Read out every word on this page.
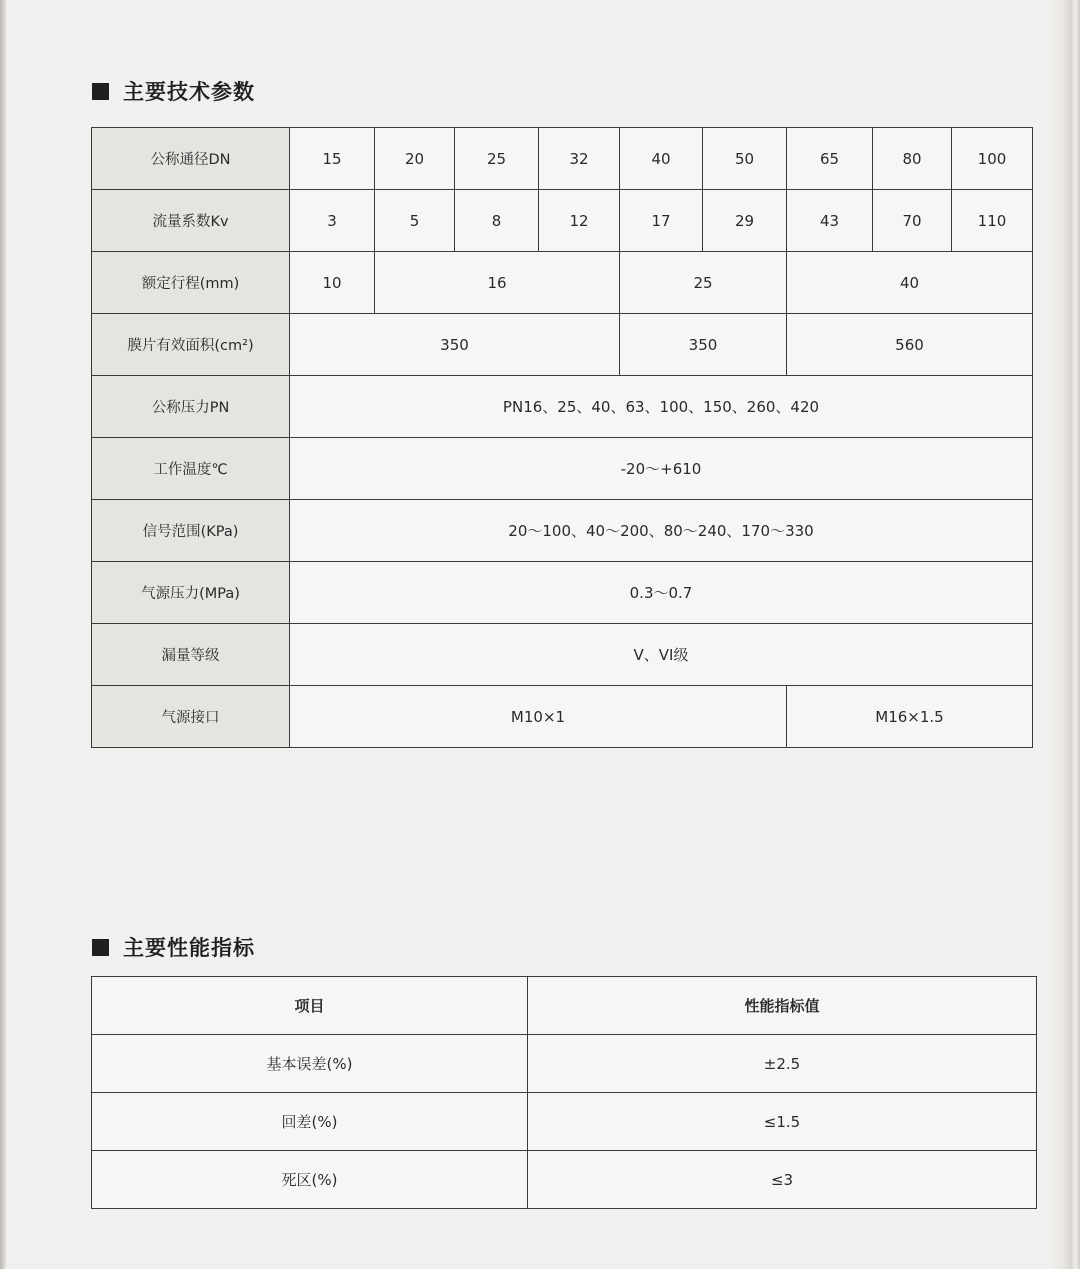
主要技术参数
公称通径DN	15	20	25	32	40	50	65	80	100
流量系数Kv	3	5	8	12	17	29	43	70	110
额定行程(mm)	10	16			25		40		
膜片有效面积(cm²)	350				350		560		
公称压力PN	PN16、25、40、63、100、150、260、420								
工作温度℃	-20～+610								
信号范围(KPa)	20～100、40～200、80～240、170～330								
气源压力(MPa)	0.3～0.7								
漏量等级	V、VI级								
气源接口	M10×1						M16×1.5		
主要性能指标
项目	性能指标值
基本误差(%)	±2.5
回差(%)	≤1.5
死区(%)	≤3
